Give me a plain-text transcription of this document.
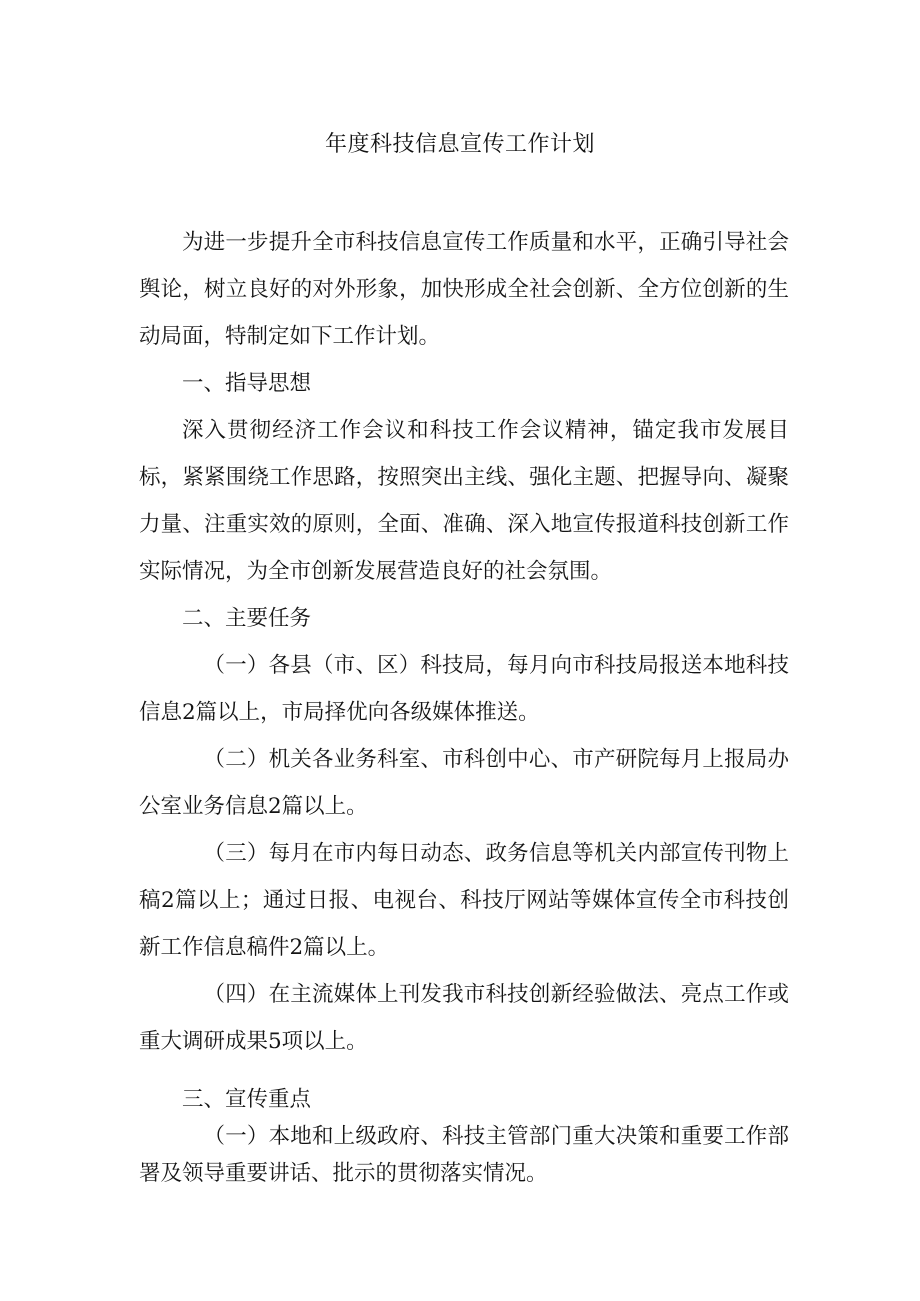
年度科技信息宣传工作计划

为进一步提升全市科技信息宣传工作质量和水平，正确引导社会舆论，树立良好的对外形象，加快形成全社会创新、全方位创新的生动局面，特制定如下工作计划。

一、指导思想

深入贯彻经济工作会议和科技工作会议精神，锚定我市发展目标，紧紧围绕工作思路，按照突出主线、强化主题、把握导向、凝聚力量、注重实效的原则，全面、准确、深入地宣传报道科技创新工作实际情况，为全市创新发展营造良好的社会氛围。

二、主要任务

（一）各县（市、区）科技局，每月向市科技局报送本地科技信息2篇以上，市局择优向各级媒体推送。

（二）机关各业务科室、市科创中心、市产研院每月上报局办公室业务信息2篇以上。

（三）每月在市内每日动态、政务信息等机关内部宣传刊物上稿2篇以上；通过日报、电视台、科技厅网站等媒体宣传全市科技创新工作信息稿件2篇以上。

（四）在主流媒体上刊发我市科技创新经验做法、亮点工作或重大调研成果5项以上。

三、宣传重点

（一）本地和上级政府、科技主管部门重大决策和重要工作部署及领导重要讲话、批示的贯彻落实情况。
